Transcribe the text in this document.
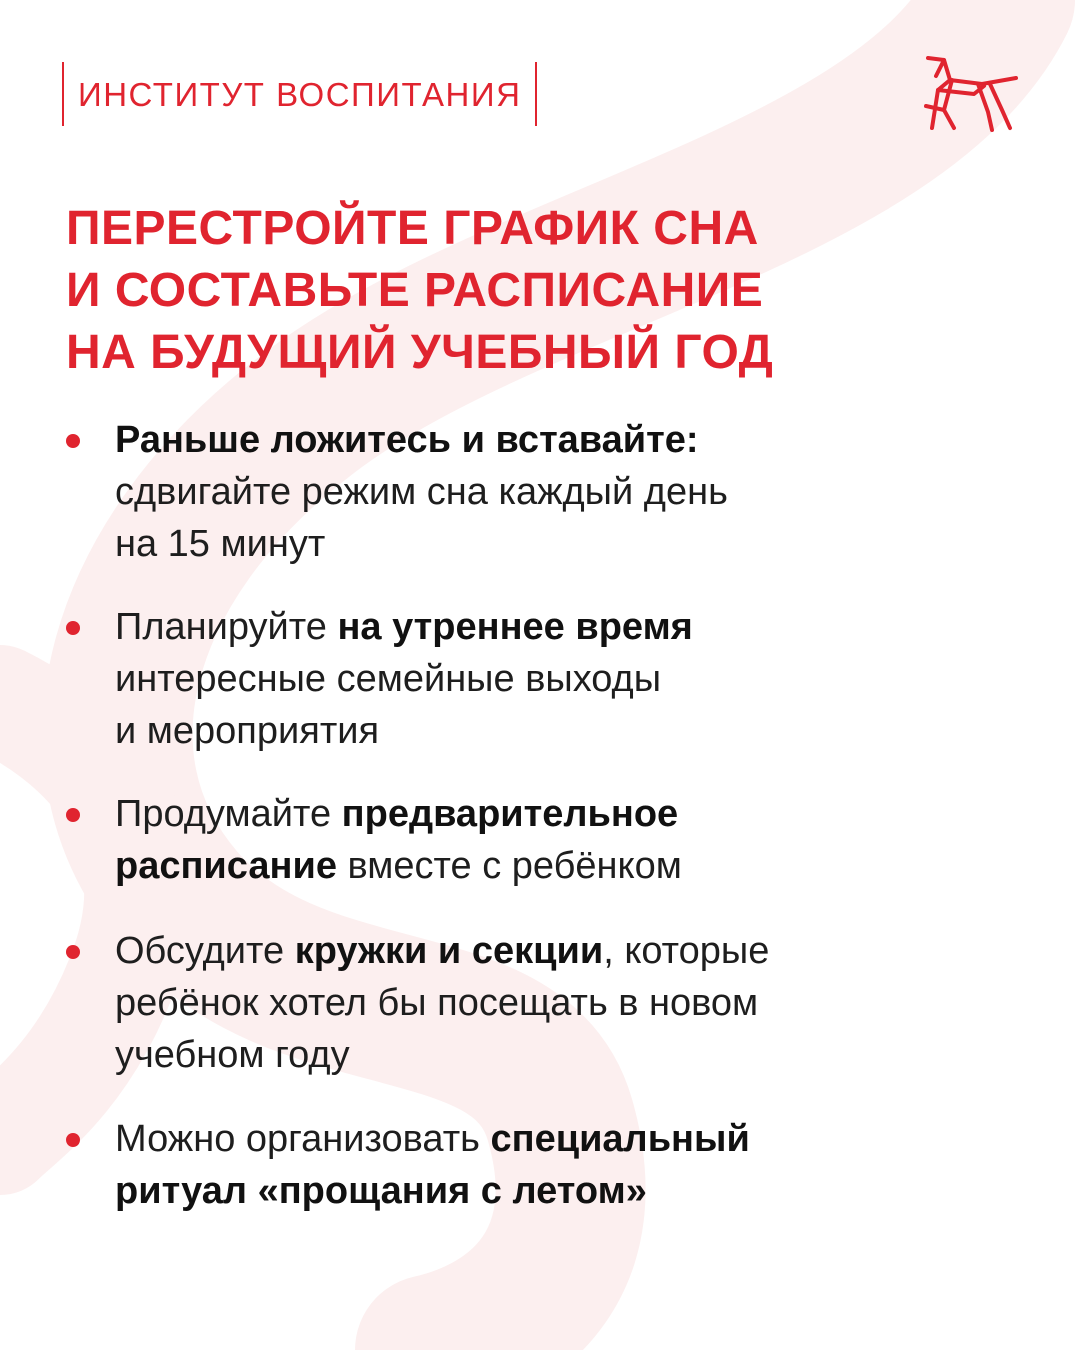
ИНСТИТУТ ВОСПИТАНИЯ
ПЕРЕСТРОЙТЕ ГРАФИК СНА
И СОСТАВЬТЕ РАСПИСАНИЕ
НА БУДУЩИЙ УЧЕБНЫЙ ГОД
Раньше ложитесь и вставайте:
сдвигайте режим сна каждый день
на 15 минут
Планируйте на утреннее время
интересные семейные выходы
и мероприятия
Продумайте предварительное
расписание вместе с ребёнком
Обсудите кружки и секции, которые
ребёнок хотел бы посещать в новом
учебном году
Можно организовать специальный
ритуал «прощания с летом»
